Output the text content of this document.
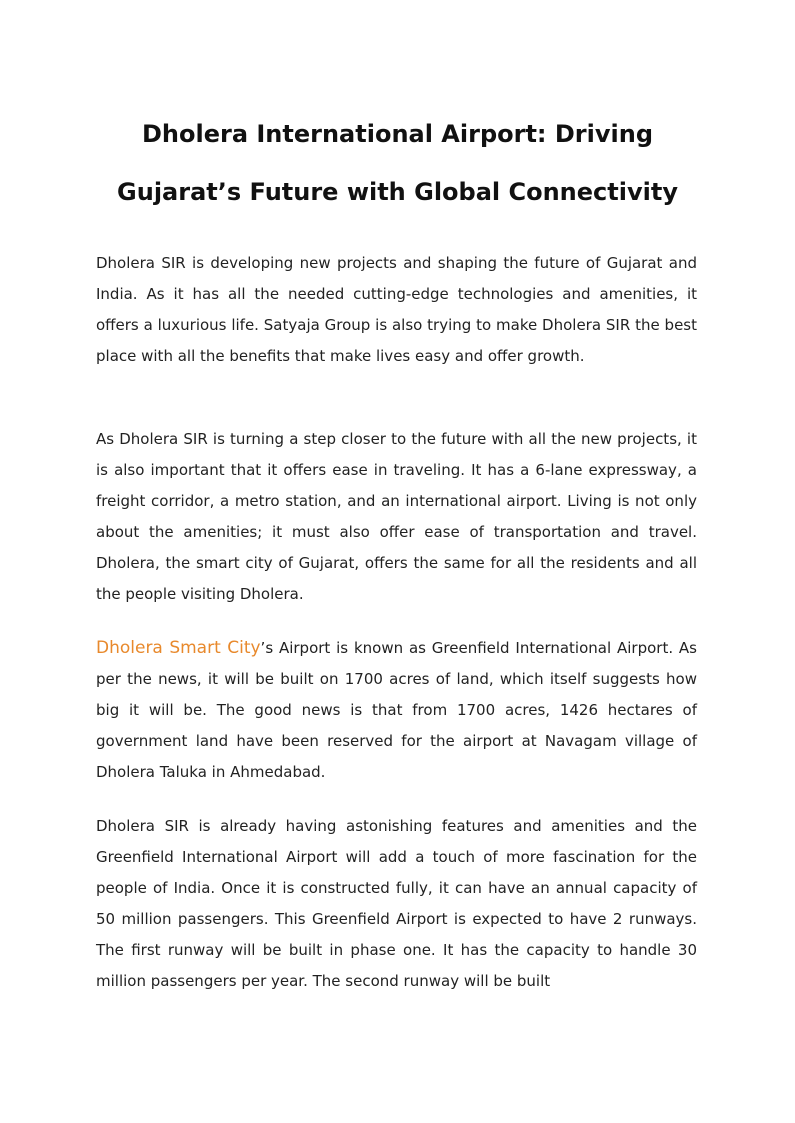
Dholera International Airport: Driving
Gujarat’s Future with Global Connectivity

Dholera SIR is developing new projects and shaping the future of Gujarat and India. As it has all the needed cutting-edge technologies and amenities, it offers a luxurious life. Satyaja Group is also trying to make Dholera SIR the best place with all the benefits that make lives easy and offer growth.

As Dholera SIR is turning a step closer to the future with all the new projects, it is also important that it offers ease in traveling. It has a 6-lane expressway, a freight corridor, a metro station, and an international airport. Living is not only about the amenities; it must also offer ease of transportation and travel. Dholera, the smart city of Gujarat, offers the same for all the residents and all the people visiting Dholera.

Dholera Smart City’s Airport is known as Greenfield International Airport. As per the news, it will be built on 1700 acres of land, which itself suggests how big it will be. The good news is that from 1700 acres, 1426 hectares of government land have been reserved for the airport at Navagam village of Dholera Taluka in Ahmedabad.

Dholera SIR is already having astonishing features and amenities and the Greenfield International Airport will add a touch of more fascination for the people of India. Once it is constructed fully, it can have an annual capacity of 50 million passengers. This Greenfield Airport is expected to have 2 runways. The first runway will be built in phase one. It has the capacity to handle 30 million passengers per year. The second runway will be built
